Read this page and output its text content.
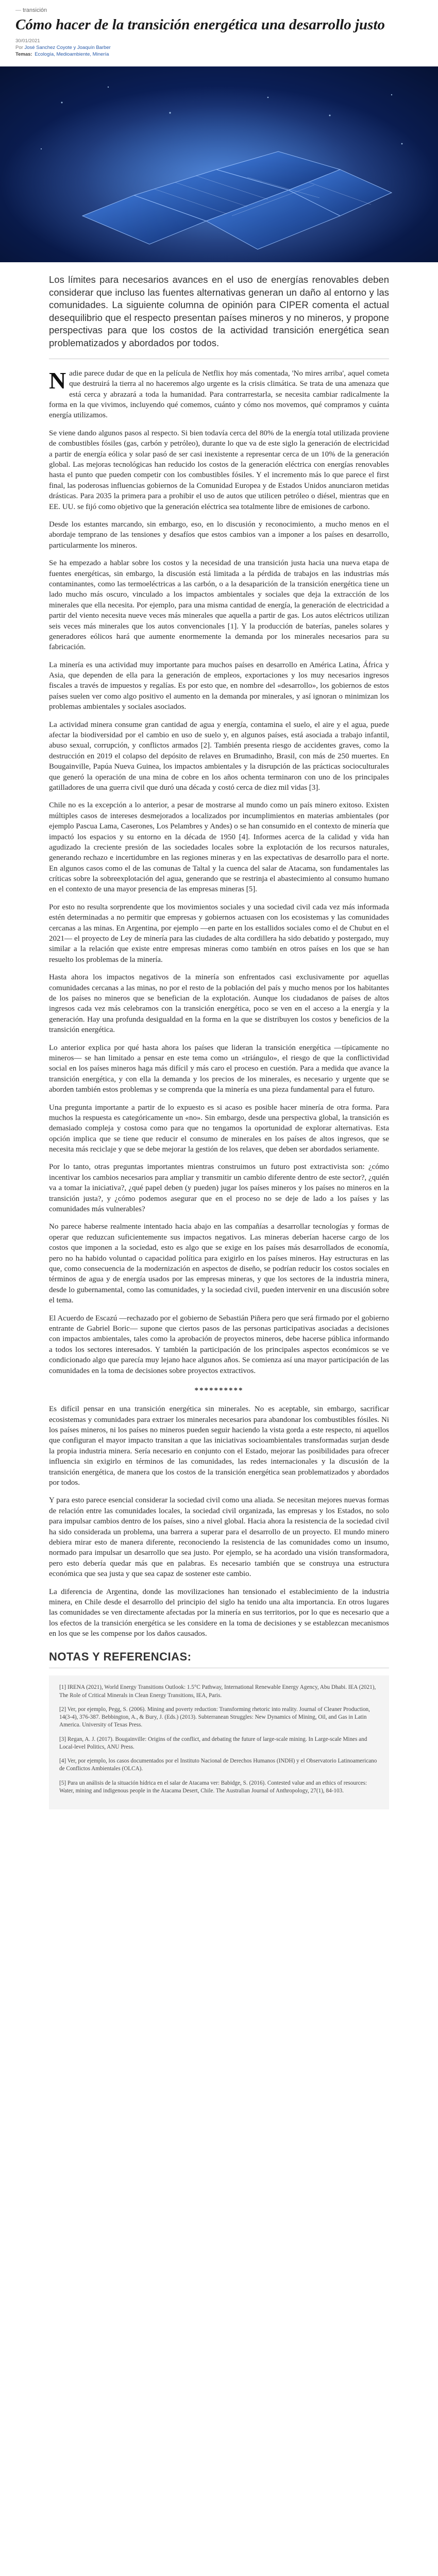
— transición
Cómo hacer de la transición energética una desarrollo justo
30/01/2021
Por José Sanchez Coyote y Joaquín Barber
Temas: Ecología, Medioambiente, Minería
Los límites para necesarios avances en el uso de energías renovables deben considerar que incluso las fuentes alternativas generan un daño al entorno y las comunidades. La siguiente columna de opinión para CIPER comenta el actual desequilibrio que el respecto presentan países mineros y no mineros, y propone perspectivas para que los costos de la actividad transición energética sean problematizados y abordados por todos.

Nadie parece dudar de que en la película de Netflix hoy más comentada, 'No mires arriba', aquel cometa que destruirá la tierra al no haceremos algo urgente es la crisis climática. Se trata de una amenaza que está cerca y abrazará a toda la humanidad. Para contrarrestarla, se necesita cambiar radicalmente la forma en la que vivimos, incluyendo qué comemos, cuánto y cómo nos movemos, qué compramos y cuánta energía utilizamos.

Se viene dando algunos pasos al respecto. Si bien todavía cerca del 80% de la energía total utilizada proviene de combustibles fósiles (gas, carbón y petróleo), durante lo que va de este siglo la generación de electricidad a partir de energía eólica y solar pasó de ser casi inexistente a representar cerca de un 10% de la generación global. Las mejoras tecnológicas han reducido los costos de la generación eléctrica con energías renovables hasta el punto que pueden competir con los combustibles fósiles. Y el incremento más lo que parece el first final, las poderosas influencias gobiernos de la Comunidad Europea y de Estados Unidos anunciaron metidas drásticas. Para 2035 la primera para a prohibir el uso de autos que utilicen petróleo o diésel, mientras que en EE. UU. se fijó como objetivo que la generación eléctrica sea totalmente libre de emisiones de carbono.

Desde los estantes marcando, sin embargo, eso, en lo discusión y reconocimiento, a mucho menos en el abordaje temprano de las tensiones y desafíos que estos cambios van a imponer a los países en desarrollo, particularmente los mineros.

Se ha empezado a hablar sobre los costos y la necesidad de una transición justa hacia una nueva etapa de fuentes energéticas, sin embargo, la discusión está limitada a la pérdida de trabajos en las industrias más contaminantes, como las termoeléctricas a las carbón, o a la desaparición de la transición energética tiene un lado mucho más oscuro, vinculado a los impactos ambientales y sociales que deja la extracción de los minerales que ella necesita. Por ejemplo, para una misma cantidad de energía, la generación de electricidad a partir del viento necesita nueve veces más minerales que aquella a partir de gas. Los autos eléctricos utilizan seis veces más minerales que los autos convencionales [1]. Y la producción de baterías, paneles solares y generadores eólicos hará que aumente enormemente la demanda por los minerales necesarios para su fabricación.

La minería es una actividad muy importante para muchos países en desarrollo en América Latina, África y Asia, que dependen de ella para la generación de empleos, exportaciones y los muy necesarios ingresos fiscales a través de impuestos y regalías. Es por esto que, en nombre del «desarrollo», los gobiernos de estos países suelen ver como algo positivo el aumento en la demanda por minerales, y así ignoran o minimizan los problemas ambientales y sociales asociados.

La actividad minera consume gran cantidad de agua y energía, contamina el suelo, el aire y el agua, puede afectar la biodiversidad por el cambio en uso de suelo y, en algunos países, está asociada a trabajo infantil, abuso sexual, corrupción, y conflictos armados [2]. También presenta riesgo de accidentes graves, como la destrucción en 2019 el colapso del depósito de relaves en Brumadinho, Brasil, con más de 250 muertes. En Bougainville, Papúa Nueva Guinea, los impactos ambientales y la disrupción de las prácticas socioculturales que generó la operación de una mina de cobre en los años ochenta terminaron con uno de los principales gatilladores de una guerra civil que duró una década y costó cerca de diez mil vidas [3].

Chile no es la excepción a lo anterior, a pesar de mostrarse al mundo como un país minero exitoso. Existen múltiples casos de intereses desmejorados a localizados por incumplimientos en materias ambientales (por ejemplo Pascua Lama, Caserones, Los Pelambres y Andes) o se han consumido en el contexto de minería que impactó los espacios y su entorno en la década de 1950 [4]. Informes acerca de la calidad y vida han agudizado la creciente presión de las sociedades locales sobre la explotación de los recursos naturales, generando rechazo e incertidumbre en las regiones mineras y en las expectativas de desarrollo para el norte. En algunos casos como el de las comunas de Taltal y la cuenca del salar de Atacama, son fundamentales las críticas sobre la sobreexplotación del agua, generando que se restrinja el abastecimiento al consumo humano en el contexto de una mayor presencia de las empresas mineras [5].

Por esto no resulta sorprendente que los movimientos sociales y una sociedad civil cada vez más informada estén determinadas a no permitir que empresas y gobiernos actuasen con los ecosistemas y las comunidades cercanas a las minas. En Argentina, por ejemplo —en parte en los estallidos sociales como el de Chubut en el 2021— el proyecto de Ley de minería para las ciudades de alta cordillera ha sido debatido y postergado, muy similar a la relación que existe entre empresas mineras como también en otros países en los que se han resuelto los problemas de la minería.

Hasta ahora los impactos negativos de la minería son enfrentados casi exclusivamente por aquellas comunidades cercanas a las minas, no por el resto de la población del país y mucho menos por los habitantes de los países no mineros que se benefician de la explotación. Aunque los ciudadanos de países de altos ingresos cada vez más celebramos con la transición energética, poco se ven en el acceso a la energía y la generación. Hay una profunda desigualdad en la forma en la que se distribuyen los costos y beneficios de la transición energética.

Lo anterior explica por qué hasta ahora los países que lideran la transición energética —típicamente no mineros— se han limitado a pensar en este tema como un «triángulo», el riesgo de que la conflictividad social en los países mineros haga más difícil y más caro el proceso en cuestión. Para a medida que avance la transición energética, y con ella la demanda y los precios de los minerales, es necesario y urgente que se aborden también estos problemas y se comprenda que la minería es una pieza fundamental para el futuro.

Una pregunta importante a partir de lo expuesto es si acaso es posible hacer minería de otra forma. Para muchos la respuesta es categóricamente un «no». Sin embargo, desde una perspectiva global, la transición es demasiado compleja y costosa como para que no tengamos la oportunidad de explorar alternativas. Esta opción implica que se tiene que reducir el consumo de minerales en los países de altos ingresos, que se necesita más reciclaje y que se debe mejorar la gestión de los relaves, que deben ser abordados seriamente.

Por lo tanto, otras preguntas importantes mientras construimos un futuro post extractivista son: ¿cómo incentivar los cambios necesarios para ampliar y transmitir un cambio diferente dentro de este sector?, ¿quién va a tomar la iniciativa?, ¿qué papel deben (y pueden) jugar los países mineros y los países no mineros en la transición justa?, y ¿cómo podemos asegurar que en el proceso no se deje de lado a los países y las comunidades más vulnerables?

No parece haberse realmente intentado hacia abajo en las compañías a desarrollar tecnologías y formas de operar que reduzcan suficientemente sus impactos negativos. Las mineras deberían hacerse cargo de los costos que imponen a la sociedad, esto es algo que se exige en los países más desarrollados de economía, pero no ha habido voluntad o capacidad política para exigirlo en los países mineros. Hay estructuras en las que, como consecuencia de la modernización en aspectos de diseño, se podrían reducir los costos sociales en términos de agua y de energía usados por las empresas mineras, y que los sectores de la industria minera, desde lo gubernamental, como las comunidades, y la sociedad civil, pueden intervenir en una discusión sobre el tema.

El Acuerdo de Escazú —rechazado por el gobierno de Sebastián Piñera pero que será firmado por el gobierno entrante de Gabriel Boric— supone que ciertos pasos de las personas participativas asociadas a decisiones con impactos ambientales, tales como la aprobación de proyectos mineros, debe hacerse pública informando a todos los sectores interesados. Y también la participación de los principales aspectos económicos se ve condicionado algo que parecía muy lejano hace algunos años. Se comienza así una mayor participación de las comunidades en la toma de decisiones sobre proyectos extractivos.

**********

Es difícil pensar en una transición energética sin minerales. No es aceptable, sin embargo, sacrificar ecosistemas y comunidades para extraer los minerales necesarios para abandonar los combustibles fósiles. Ni los países mineros, ni los países no mineros pueden seguir haciendo la vista gorda a este respecto, ni aquellos que configuran el mayor impacto transitan a que las iniciativas socioambientales transformadas surjan desde la propia industria minera. Sería necesario en conjunto con el Estado, mejorar las posibilidades para ofrecer influencia sin exigirlo en términos de las comunidades, las redes internacionales y la discusión de la transición energética, de manera que los costos de la transición energética sean problematizados y abordados por todos.

Y para esto parece esencial considerar la sociedad civil como una aliada. Se necesitan mejores nuevas formas de relación entre las comunidades locales, la sociedad civil organizada, las empresas y los Estados, no solo para impulsar cambios dentro de los países, sino a nivel global. Hacia ahora la resistencia de la sociedad civil ha sido considerada un problema, una barrera a superar para el desarrollo de un proyecto. El mundo minero debiera mirar esto de manera diferente, reconociendo la resistencia de las comunidades como un insumo, normado para impulsar un desarrollo que sea justo. Por ejemplo, se ha acordado una visión transformadora, pero esto debería quedar más que en palabras. Es necesario también que se construya una estructura económica que sea justa y que sea capaz de sostener este cambio.

La diferencia de Argentina, donde las movilizaciones han tensionado el establecimiento de la industria minera, en Chile desde el desarrollo del principio del siglo ha tenido una alta importancia. En otros lugares las comunidades se ven directamente afectadas por la minería en sus territorios, por lo que es necesario que a los efectos de la transición energética se les considere en la toma de decisiones y se establezcan mecanismos en los que se les compense por los daños causados.

NOTAS Y REFERENCIAS:

[1] IRENA (2021), World Energy Transitions Outlook: 1.5°C Pathway, International Renewable Energy Agency, Abu Dhabi. IEA (2021), The Role of Critical Minerals in Clean Energy Transitions, IEA, Paris.

[2] Ver, por ejemplo, Pegg, S. (2006). Mining and poverty reduction: Transforming rhetoric into reality. Journal of Cleaner Production, 14(3-4), 376-387. Bebbington, A., & Bury, J. (Eds.) (2013). Subterranean Struggles: New Dynamics of Mining, Oil, and Gas in Latin America. University of Texas Press.

[3] Regan, A. J. (2017). Bougainville: Origins of the conflict, and debating the future of large-scale mining. In Large-scale Mines and Local-level Politics, ANU Press.

[4] Ver, por ejemplo, los casos documentados por el Instituto Nacional de Derechos Humanos (INDH) y el Observatorio Latinoamericano de Conflictos Ambientales (OLCA).

[5] Para un análisis de la situación hídrica en el salar de Atacama ver: Babidge, S. (2016). Contested value and an ethics of resources: Water, mining and indigenous people in the Atacama Desert, Chile. The Australian Journal of Anthropology, 27(1), 84-103.
